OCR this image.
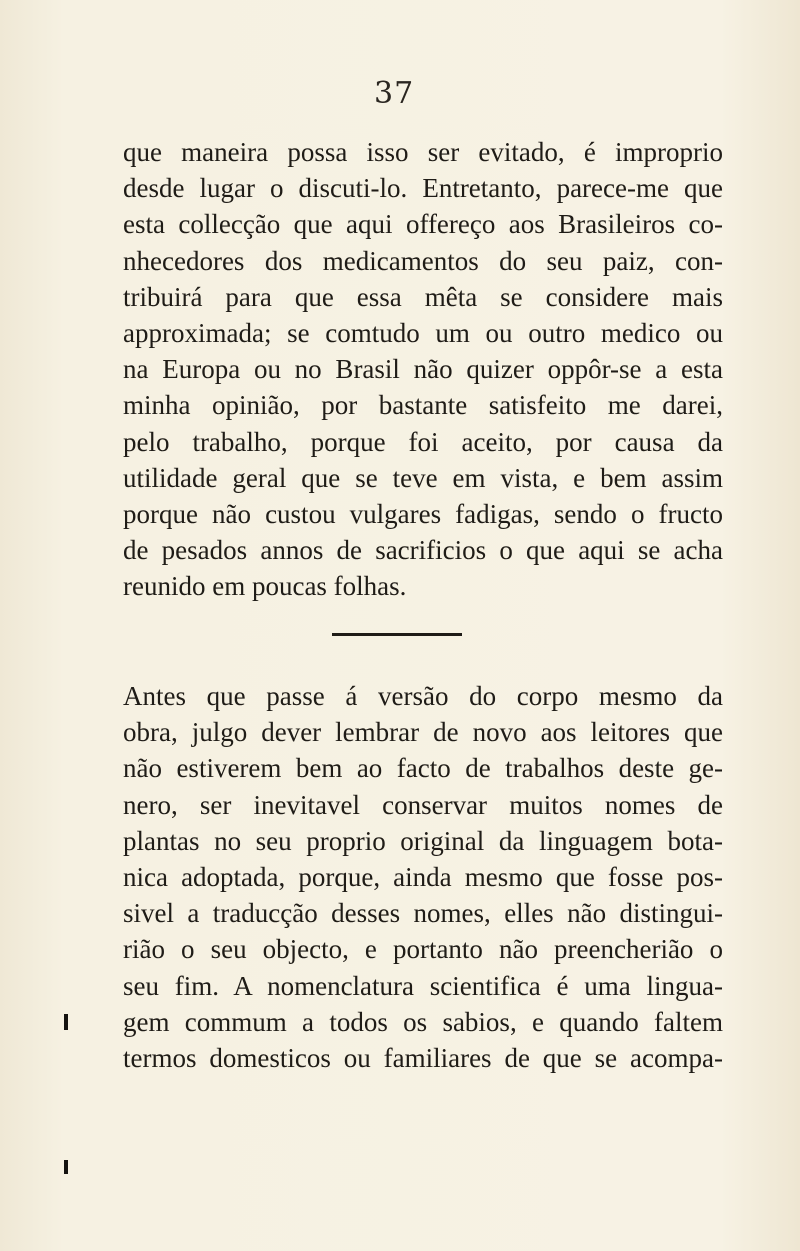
37
que maneira possa isso ser evitado, é improprio
desde lugar o discuti-lo. Entretanto, parece-me que
esta collecção que aqui offereço aos Brasileiros co-
nhecedores dos medicamentos do seu paiz, con-
tribuirá para que essa mêta se considere mais
approximada; se comtudo um ou outro medico ou
na Europa ou no Brasil não quizer oppôr-se a esta
minha opinião, por bastante satisfeito me darei,
pelo trabalho, porque foi aceito, por causa da
utilidade geral que se teve em vista, e bem assim
porque não custou vulgares fadigas, sendo o fructo
de pesados annos de sacrificios o que aqui se acha
reunido em poucas folhas.
Antes que passe á versão do corpo mesmo da
obra, julgo dever lembrar de novo aos leitores que
não estiverem bem ao facto de trabalhos deste ge-
nero, ser inevitavel conservar muitos nomes de
plantas no seu proprio original da linguagem bota-
nica adoptada, porque, ainda mesmo que fosse pos-
sivel a traducção desses nomes, elles não distingui-
rião o seu objecto, e portanto não preencherião o
seu fim. A nomenclatura scientifica é uma lingua-
gem commum a todos os sabios, e quando faltem
termos domesticos ou familiares de que se acompa-
